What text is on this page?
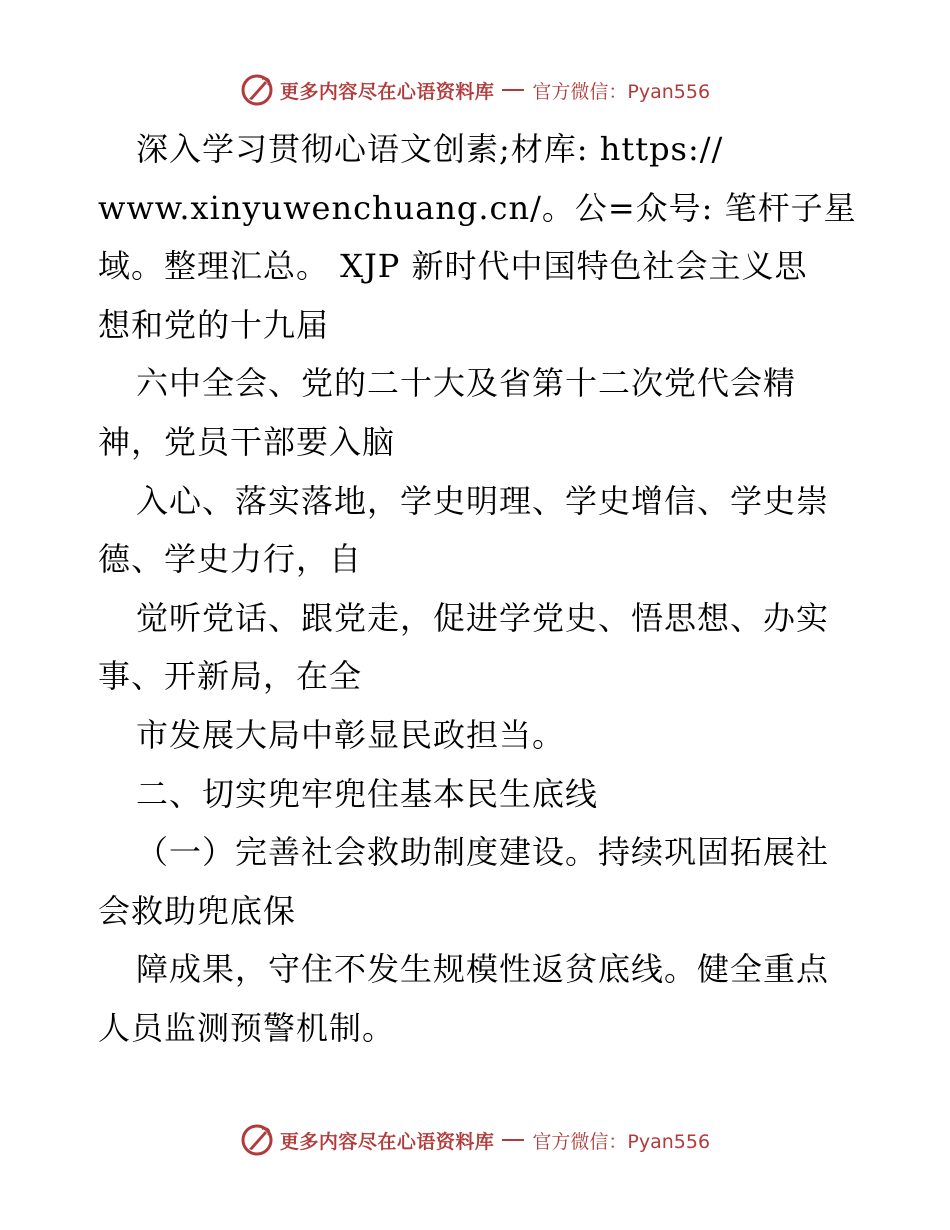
更多内容尽在心语资料库 官方微信：Pyan556
深入学习贯彻心语文创素;材库: https://
www.xinyuwenchuang.cn/。公=众号: 笔杆子星
域。整理汇总。 XJP 新时代中国特色社会主义思
想和党的十九届
六中全会、党的二十大及省第十二次党代会精
神，党员干部要入脑
入心、落实落地，学史明理、学史增信、学史崇
德、学史力行，自
觉听党话、跟党走，促进学党史、悟思想、办实
事、开新局，在全
市发展大局中彰显民政担当。
二、切实兜牢兜住基本民生底线
（一）完善社会救助制度建设。持续巩固拓展社
会救助兜底保
障成果，守住不发生规模性返贫底线。健全重点
人员监测预警机制。
更多内容尽在心语资料库 官方微信：Pyan556
